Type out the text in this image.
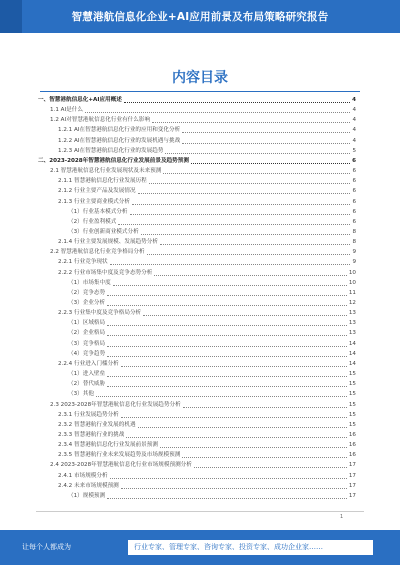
智慧港航信息化企业+AI应用前景及布局策略研究报告
内容目录
一、智慧港航信息化+AI应用概述	4
1.1 AI是什么	4
1.2 AI对智慧港航信息化行业有什么影响	4
1.2.1 AI在智慧港航信息化行业的应用和变化分析	4
1.2.2 AI在智慧港航信息化行业的发展机遇与挑战	4
1.2.3 AI在智慧港航信息化行业的发展趋势	5
二、2023-2028年智慧港航信息化行业发展前景及趋势预测	6
2.1 智慧港航信息化行业发展现状及未来预测	6
2.1.1 智慧港航信息化行业发展历程	6
2.1.2 行业主要产品及发展情况	6
2.1.3 行业主要商业模式分析	6
（1）行业基本模式分析	6
（2）行业盈利模式	6
（3）行业创新商业模式分析	8
2.1.4 行业主要发展规模、发展趋势分析	8
2.2 智慧港航信息化行业竞争格局分析	9
2.2.1 行业竞争现状	9
2.2.2 行业市场集中度及竞争态势分析	10
（1）市场集中度	10
（2）竞争态势	11
（3）企业分析	12
2.2.3 行业集中度及竞争格局分析	13
（1）区域格局	13
（2）企业格局	13
（3）竞争格局	14
（4）竞争趋势	14
2.2.4 行业进入门槛分析	14
（1）进入壁垒	15
（2）替代威胁	15
（3）其他	15
2.3 2023-2028年智慧港航信息化行业发展趋势分析	15
2.3.1 行业发展趋势分析	15
2.3.2 智慧港航行业发展的机遇	15
2.3.3 智慧港航行业的挑战	16
2.3.4 智慧港航信息化行业发展前景预测	16
2.3.5 智慧港航行业未来发展趋势及市场规模预测	16
2.4 2023-2028年智慧港航信息化行业市场规模预测分析	17
2.4.1 市场规模分析	17
2.4.2 未来市场规模预测	17
（1）规模预测	17
1
让每个人都成为	行业专家、管理专家、咨询专家、投资专家、成功企业家……
